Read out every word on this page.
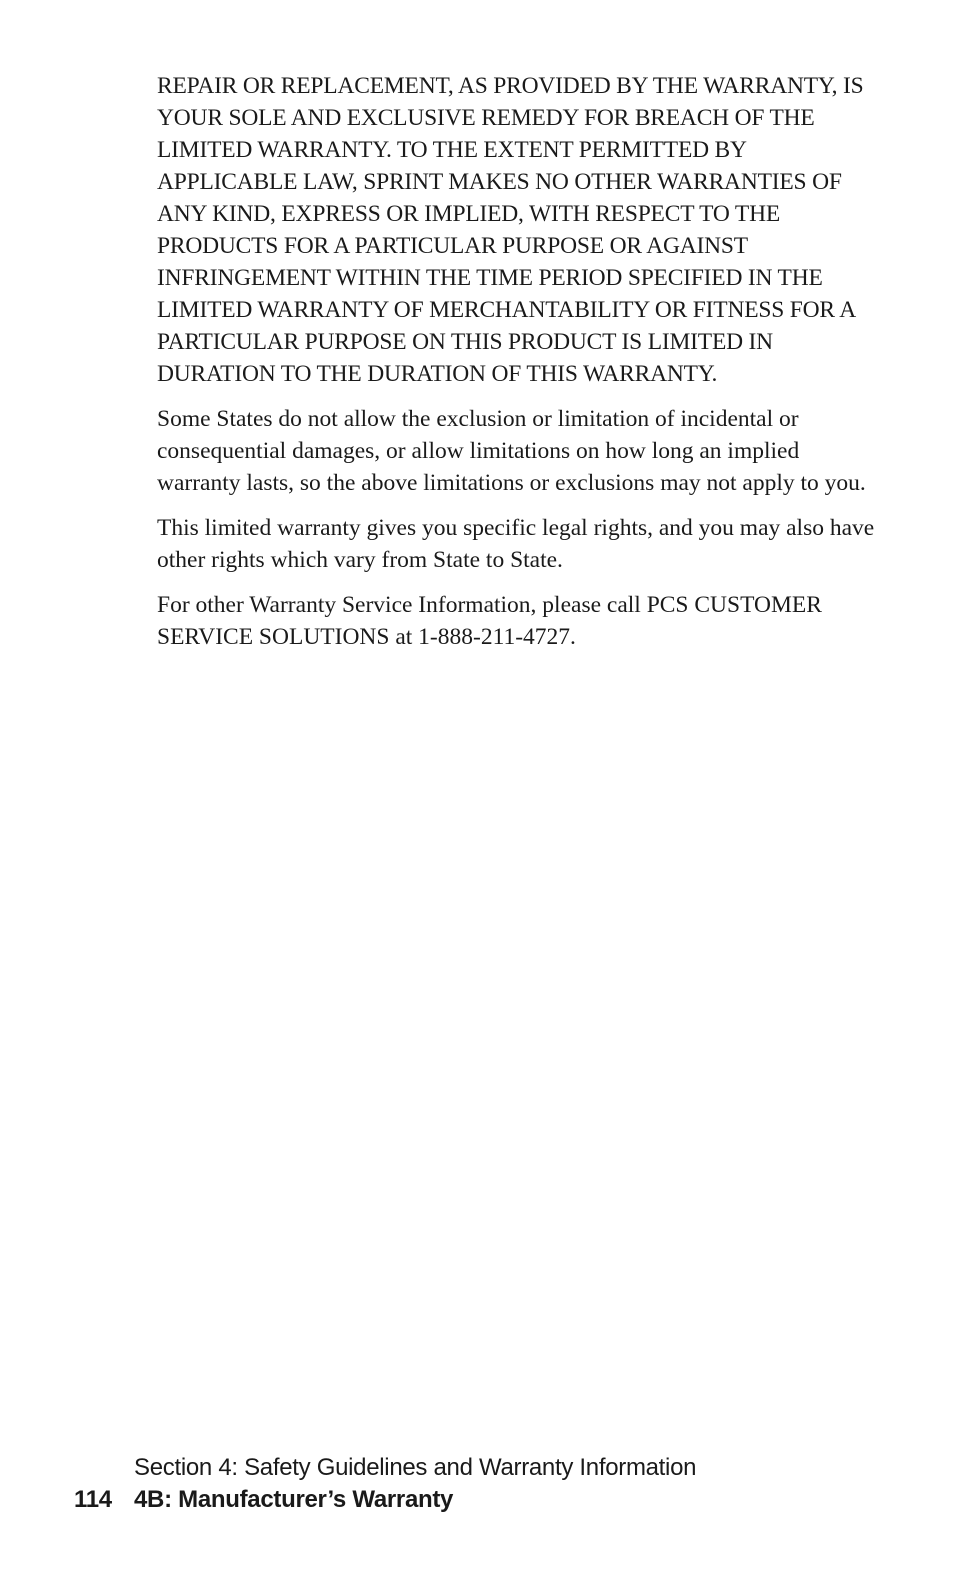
REPAIR OR REPLACEMENT, AS PROVIDED BY THE WARRANTY, IS YOUR SOLE AND EXCLUSIVE REMEDY FOR BREACH OF THE LIMITED WARRANTY. TO THE EXTENT PERMITTED BY APPLICABLE LAW, SPRINT MAKES NO OTHER WARRANTIES OF ANY KIND, EXPRESS OR IMPLIED, WITH RESPECT TO THE PRODUCTS FOR A PARTICULAR PURPOSE OR AGAINST INFRINGEMENT WITHIN THE TIME PERIOD SPECIFIED IN THE LIMITED WARRANTY OF MERCHANTABILITY OR FITNESS FOR A PARTICULAR PURPOSE ON THIS PRODUCT IS LIMITED IN DURATION TO THE DURATION OF THIS WARRANTY.

Some States do not allow the exclusion or limitation of incidental or consequential damages, or allow limitations on how long an implied warranty lasts, so the above limitations or exclusions may not apply to you.

This limited warranty gives you specific legal rights, and you may also have other rights which vary from State to State.

For other Warranty Service Information, please call PCS CUSTOMER SERVICE SOLUTIONS at 1-888-211-4727.

Section 4: Safety Guidelines and Warranty Information
114 4B: Manufacturer’s Warranty
